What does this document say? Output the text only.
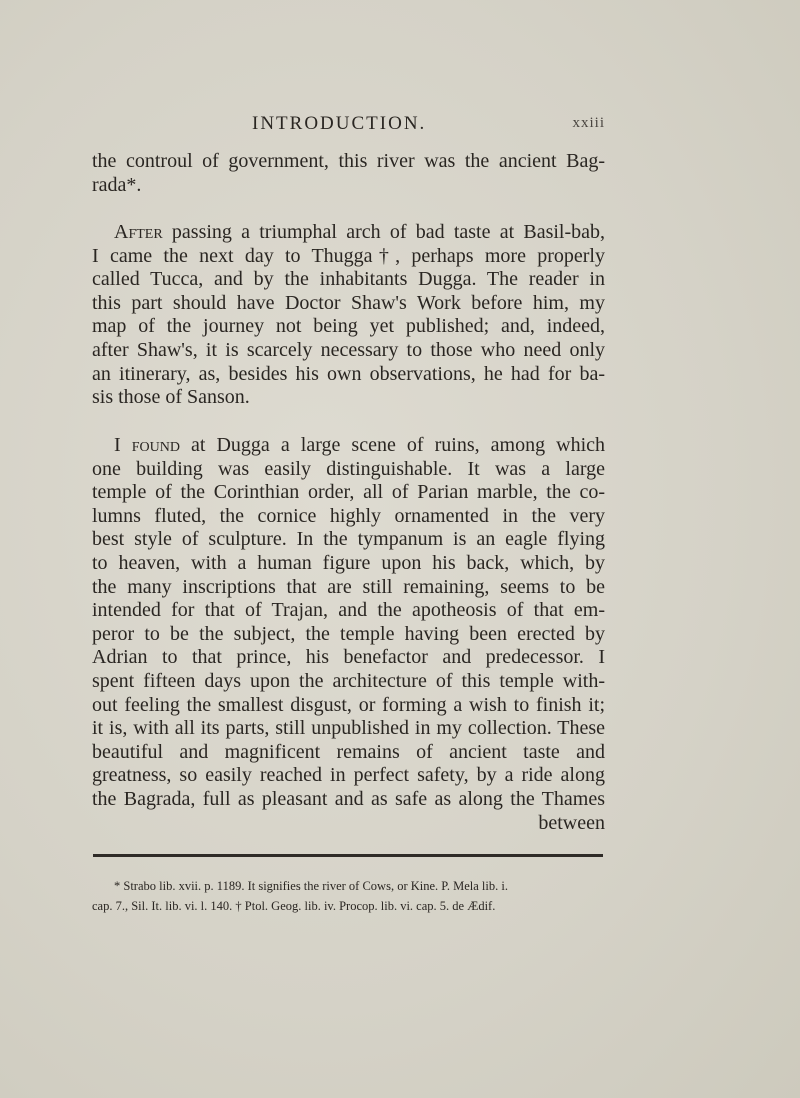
INTRODUCTION.	xxiii
the controul of government, this river was the ancient Bag-
rada*.
After passing a triumphal arch of bad taste at Basil-bab,
I came the next day to Thugga†, perhaps more properly
called Tucca, and by the inhabitants Dugga. The reader in
this part should have Doctor Shaw's Work before him, my
map of the journey not being yet published; and, indeed,
after Shaw's, it is scarcely necessary to those who need only
an itinerary, as, besides his own observations, he had for ba-
sis those of Sanson.
I found at Dugga a large scene of ruins, among which
one building was easily distinguishable. It was a large
temple of the Corinthian order, all of Parian marble, the co-
lumns fluted, the cornice highly ornamented in the very
best style of sculpture. In the tympanum is an eagle flying
to heaven, with a human figure upon his back, which, by
the many inscriptions that are still remaining, seems to be
intended for that of Trajan, and the apotheosis of that em-
peror to be the subject, the temple having been erected by
Adrian to that prince, his benefactor and predecessor. I
spent fifteen days upon the architecture of this temple with-
out feeling the smallest disgust, or forming a wish to finish it;
it is, with all its parts, still unpublished in my collection. These
beautiful and magnificent remains of ancient taste and
greatness, so easily reached in perfect safety, by a ride along
the Bagrada, full as pleasant and as safe as along the Thames
between
* Strabo lib. xvii. p. 1189. It signifies the river of Cows, or Kine. P. Mela lib. i.
cap. 7., Sil. It. lib. vi. l. 140. † Ptol. Geog. lib. iv. Procop. lib. vi. cap. 5. de Ædif.
